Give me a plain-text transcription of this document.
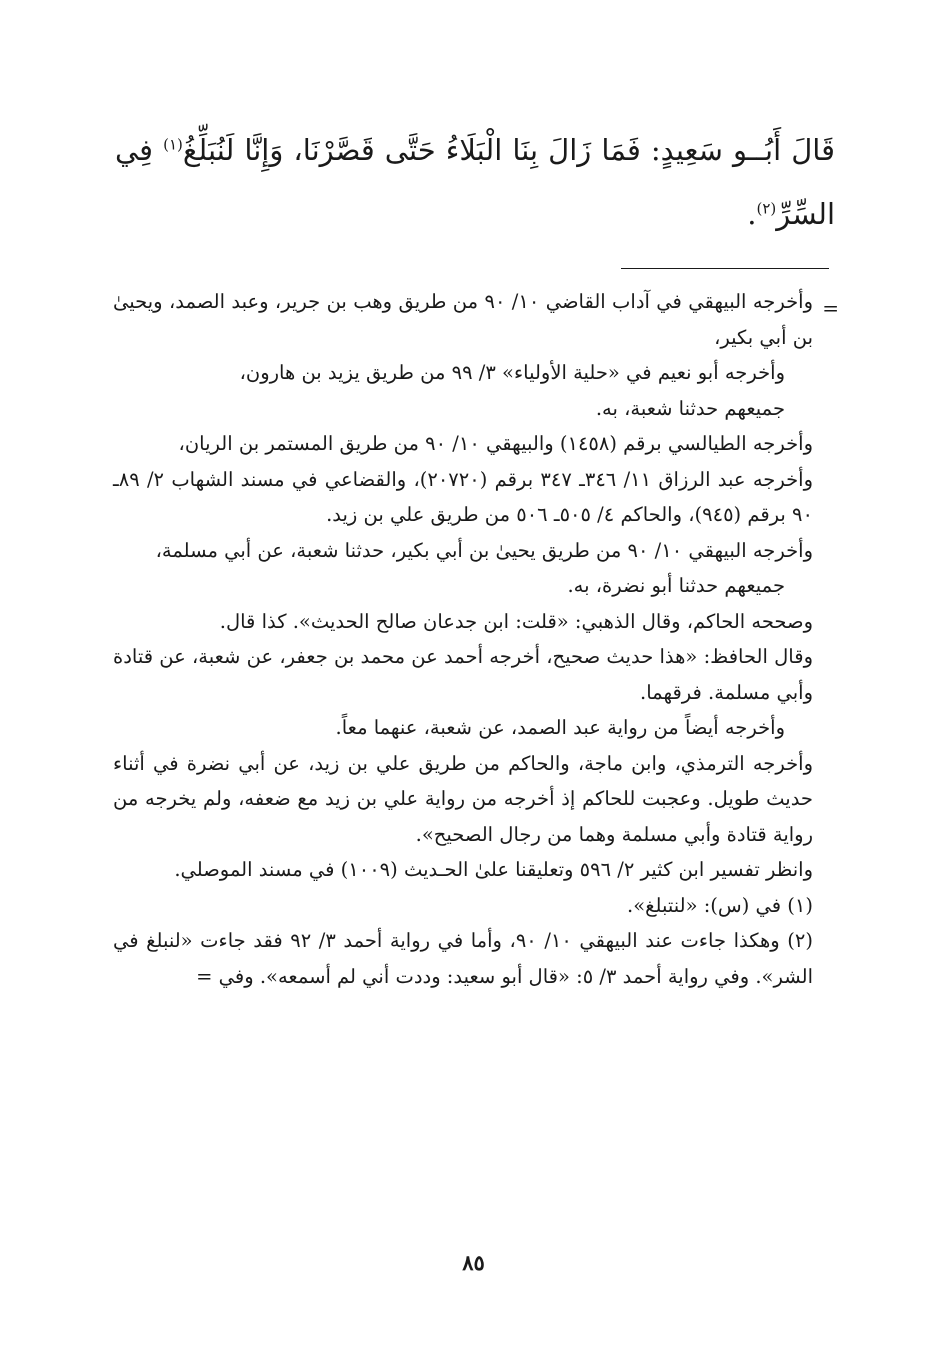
قَالَ أَبُــو سَعِيدٍ: فَمَا زَالَ بِنَا الْبَلَاءُ حَتَّى قَصَّرْنَا، وَإِنَّا لَنُبَلِّغُ$^{(١)}$ فِي السِّرِّ$^{(٢)}$.
=

وأخرجه البيهقي في آداب القاضي ١٠/ ٩٠ من طريق وهب بن جرير، وعبد الصمد، ويحيىٰ بن أبي بكير،

وأخرجه أبو نعيم في «حلية الأولياء» ٣/ ٩٩ من طريق يزيد بن هارون،

جميعهم حدثنا شعبة، به.

وأخرجه الطيالسي برقم (١٤٥٨) والبيهقي ١٠/ ٩٠ من طريق المستمر بن الريان،

وأخرجه عبد الرزاق ١١/ ٣٤٦ـ ٣٤٧ برقم (٢٠٧٢٠)، والقضاعي في مسند الشهاب ٢/ ٨٩ـ ٩٠ برقم (٩٤٥)، والحاكم ٤/ ٥٠٥ـ ٥٠٦ من طريق علي بن زيد.

وأخرجه البيهقي ١٠/ ٩٠ من طريق يحيىٰ بن أبي بكير، حدثنا شعبة، عن أبي مسلمة،

جميعهم حدثنا أبو نضرة، به.

وصححه الحاكم، وقال الذهبي: «قلت: ابن جدعان صالح الحديث». كذا قال.

وقال الحافظ: «هذا حديث صحيح، أخرجه أحمد عن محمد بن جعفر، عن شعبة، عن قتادة وأبي مسلمة. فرقهما.

وأخرجه أيضاً من رواية عبد الصمد، عن شعبة، عنهما معاً.

وأخرجه الترمذي، وابن ماجة، والحاكم من طريق علي بن زيد، عن أبي نضرة في أثناء حديث طويل. وعجبت للحاكم إذ أخرجه من رواية علي بن زيد مع ضعفه، ولم يخرجه من رواية قتادة وأبي مسلمة وهما من رجال الصحيح».

وانظر تفسير ابن كثير ٢/ ٥٩٦ وتعليقنا علىٰ الحـديث (١٠٠٩) في مسند الموصلي.

(١) في (س): «لنتبلغ».

(٢) وهكذا جاءت عند البيهقي ١٠/ ٩٠، وأما في رواية أحمد ٣/ ٩٢ فقد جاءت «لنبلغ في الشر». وفي رواية أحمد ٣/ ٥: «قال أبو سعيد: وددت أني لم أسمعه». وفي =

٨٥
